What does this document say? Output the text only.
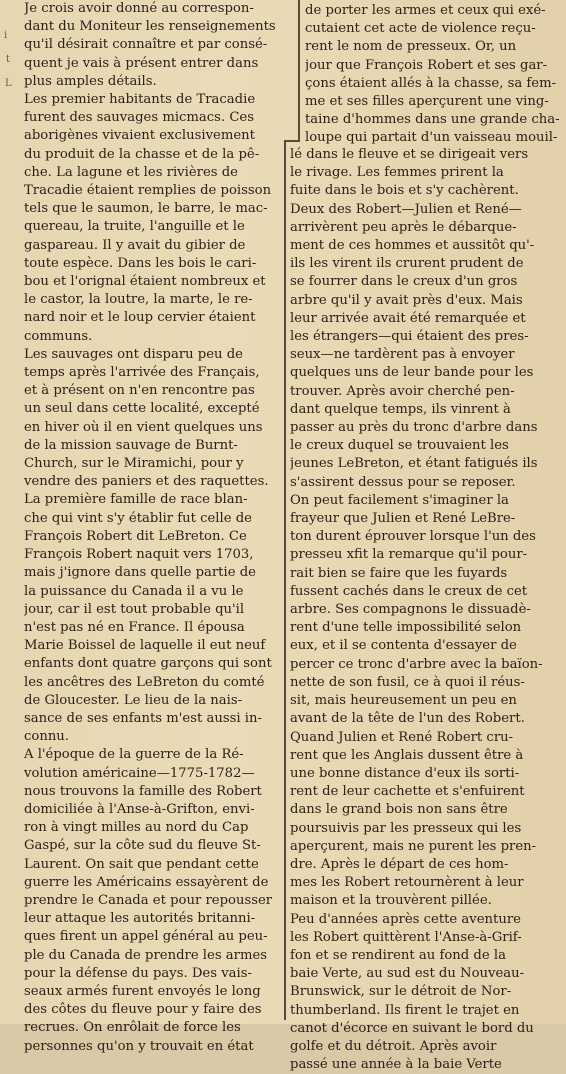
i
t
L
Je crois avoir donné au correspon-
dant du Moniteur les renseignements
qu'il désirait connaître et par consé-
quent je vais à présent entrer dans
plus amples détails.
Les premier habitants de Tracadie
furent des sauvages micmacs. Ces
aborigènes vivaient exclusivement
du produit de la chasse et de la pê-
che. La lagune et les rivières de
Tracadie étaient remplies de poisson
tels que le saumon, le barre, le mac-
quereau, la truite, l'anguille et le
gaspareau. Il y avait du gibier de
toute espèce. Dans les bois le cari-
bou et l'orignal étaient nombreux et
le castor, la loutre, la marte, le re-
nard noir et le loup cervier étaient
communs.
Les sauvages ont disparu peu de
temps après l'arrivée des Français,
et à présent on n'en rencontre pas
un seul dans cette localité, excepté
en hiver où il en vient quelques uns
de la mission sauvage de Burnt-
Church, sur le Miramichi, pour y
vendre des paniers et des raquettes.
La première famille de race blan-
che qui vint s'y établir fut celle de
François Robert dit LeBreton. Ce
François Robert naquit vers 1703,
mais j'ignore dans quelle partie de
la puissance du Canada il a vu le
jour, car il est tout probable qu'il
n'est pas né en France. Il épousa
Marie Boissel de laquelle il eut neuf
enfants dont quatre garçons qui sont
les ancêtres des LeBreton du comté
de Gloucester. Le lieu de la nais-
sance de ses enfants m'est aussi in-
connu.
A l'époque de la guerre de la Ré-
volution américaine—1775-1782—
nous trouvons la famille des Robert
domiciliée à l'Anse-à-Grifton, envi-
ron à vingt milles au nord du Cap
Gaspé, sur la côte sud du fleuve St-
Laurent. On sait que pendant cette
guerre les Américains essayèrent de
prendre le Canada et pour repousser
leur attaque les autorités britanni-
ques firent un appel général au peu-
ple du Canada de prendre les armes
pour la défense du pays. Des vais-
seaux armés furent envoyés le long
des côtes du fleuve pour y faire des
recrues. On enrôlait de force les
personnes qu'on y trouvait en état
de porter les armes et ceux qui exé-
cutaient cet acte de violence reçu-
rent le nom de presseux. Or, un
jour que François Robert et ses gar-
çons étaient allés à la chasse, sa fem-
me et ses filles aperçurent une ving-
taine d'hommes dans une grande cha-
loupe qui partait d'un vaisseau mouil-
lé dans le fleuve et se dirigeait vers
le rivage. Les femmes prirent la
fuite dans le bois et s'y cachèrent.
Deux des Robert—Julien et René—
arrivèrent peu après le débarque-
ment de ces hommes et aussitôt qu'-
ils les virent ils crurent prudent de
se fourrer dans le creux d'un gros
arbre qu'il y avait près d'eux. Mais
leur arrivée avait été remarquée et
les étrangers—qui étaient des pres-
seux—ne tardèrent pas à envoyer
quelques uns de leur bande pour les
trouver. Après avoir cherché pen-
dant quelque temps, ils vinrent à
passer au près du tronc d'arbre dans
le creux duquel se trouvaient les
jeunes LeBreton, et étant fatigués ils
s'assirent dessus pour se reposer.
On peut facilement s'imaginer la
frayeur que Julien et René LeBre-
ton durent éprouver lorsque l'un des
presseu xfit la remarque qu'il pour-
rait bien se faire que les fuyards
fussent cachés dans le creux de cet
arbre. Ses compagnons le dissuadè-
rent d'une telle impossibilité selon
eux, et il se contenta d'essayer de
percer ce tronc d'arbre avec la baïon-
nette de son fusil, ce à quoi il réus-
sit, mais heureusement un peu en
avant de la tête de l'un des Robert.
Quand Julien et René Robert cru-
rent que les Anglais dussent être à
une bonne distance d'eux ils sorti-
rent de leur cachette et s'enfuirent
dans le grand bois non sans être
poursuivis par les presseux qui les
aperçurent, mais ne purent les pren-
dre. Après le départ de ces hom-
mes les Robert retournèrent à leur
maison et la trouvèrent pillée.
Peu d'années après cette aventure
les Robert quittèrent l'Anse-à-Grif-
fon et se rendirent au fond de la
baie Verte, au sud est du Nouveau-
Brunswick, sur le détroit de Nor-
thumberland. Ils firent le trajet en
canot d'écorce en suivant le bord du
golfe et du détroit. Après avoir
passé une année à la baie Verte
